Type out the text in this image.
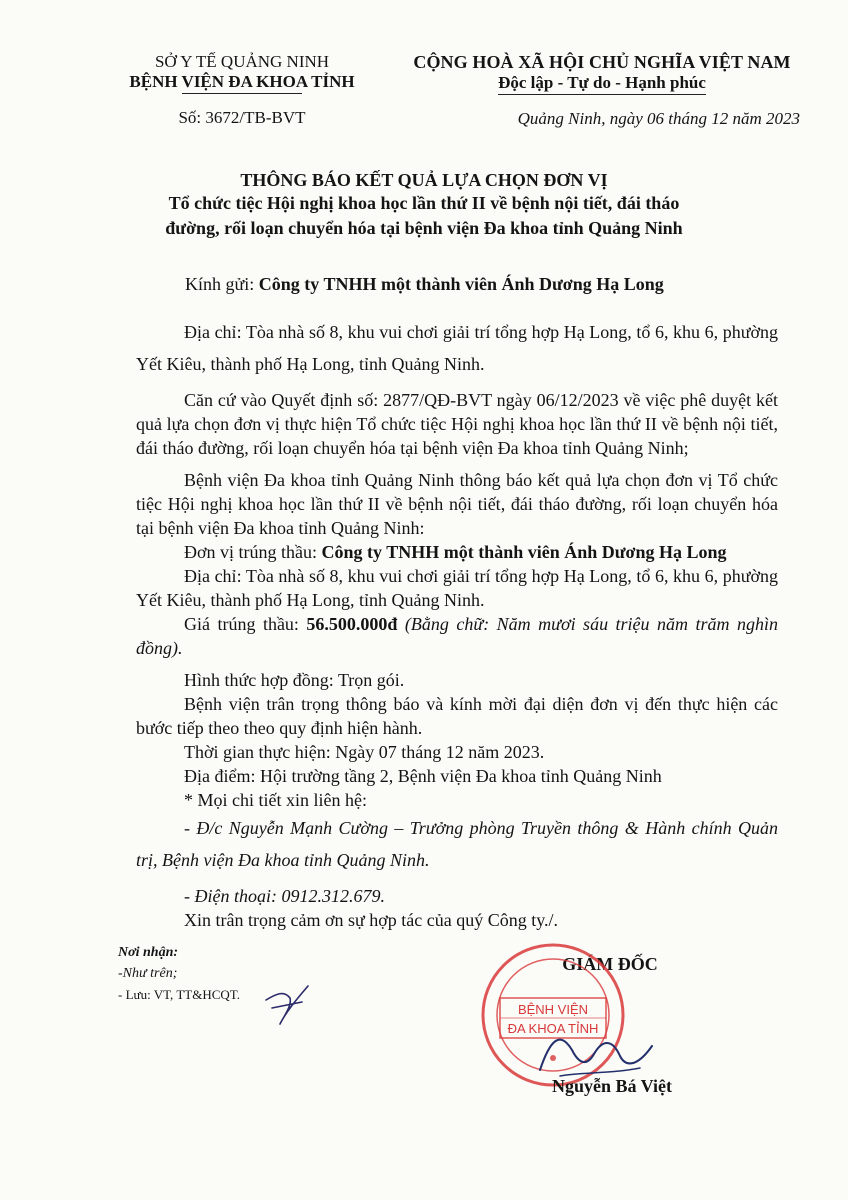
SỞ Y TẾ QUẢNG NINH
BỆNH VIỆN ĐA KHOA TỈNH
Số: 3672/TB-BVT
CỘNG HOÀ XÃ HỘI CHỦ NGHĨA VIỆT NAM
Độc lập - Tự do - Hạnh phúc
Quảng Ninh, ngày 06 tháng 12 năm 2023
THÔNG BÁO KẾT QUẢ LỰA CHỌN ĐƠN VỊ
Tổ chức tiệc Hội nghị khoa học lần thứ II về bệnh nội tiết, đái tháo
đường, rối loạn chuyển hóa tại bệnh viện Đa khoa tỉnh Quảng Ninh
Kính gửi: Công ty TNHH một thành viên Ánh Dương Hạ Long

Địa chỉ: Tòa nhà số 8, khu vui chơi giải trí tổng hợp Hạ Long, tổ 6, khu 6, phường Yết Kiêu, thành phố Hạ Long, tỉnh Quảng Ninh.

Căn cứ vào Quyết định số: 2877/QĐ-BVT ngày 06/12/2023 về việc phê duyệt kết quả lựa chọn đơn vị thực hiện Tổ chức tiệc Hội nghị khoa học lần thứ II về bệnh nội tiết, đái tháo đường, rối loạn chuyển hóa tại bệnh viện Đa khoa tỉnh Quảng Ninh;

Bệnh viện Đa khoa tỉnh Quảng Ninh thông báo kết quả lựa chọn đơn vị Tổ chức tiệc Hội nghị khoa học lần thứ II về bệnh nội tiết, đái tháo đường, rối loạn chuyển hóa tại bệnh viện Đa khoa tỉnh Quảng Ninh:

Đơn vị trúng thầu: Công ty TNHH một thành viên Ánh Dương Hạ Long

Địa chỉ: Tòa nhà số 8, khu vui chơi giải trí tổng hợp Hạ Long, tổ 6, khu 6, phường Yết Kiêu, thành phố Hạ Long, tỉnh Quảng Ninh.

Giá trúng thầu: 56.500.000đ (Bằng chữ: Năm mươi sáu triệu năm trăm nghìn đồng).

Hình thức hợp đồng: Trọn gói.

Bệnh viện trân trọng thông báo và kính mời đại diện đơn vị đến thực hiện các bước tiếp theo theo quy định hiện hành.

Thời gian thực hiện: Ngày 07 tháng 12 năm 2023.

Địa điểm: Hội trường tầng 2, Bệnh viện Đa khoa tỉnh Quảng Ninh

* Mọi chi tiết xin liên hệ:

- Đ/c Nguyễn Mạnh Cường – Trưởng phòng Truyền thông & Hành chính Quản trị, Bệnh viện Đa khoa tỉnh Quảng Ninh.

- Điện thoại: 0912.312.679.

Xin trân trọng cảm ơn sự hợp tác của quý Công ty./.

Nơi nhận:
-Như trên;
- Lưu: VT, TT&HCQT.
GIÁM ĐỐC
BỆNH VIỆN
ĐA KHOA TỈNH
Nguyễn Bá Việt
